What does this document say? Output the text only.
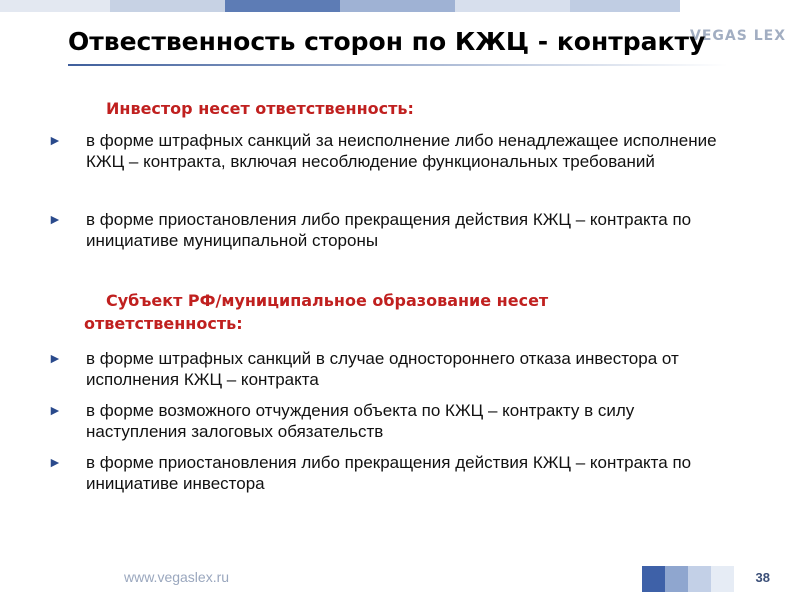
VEGAS LEX
Отвественность сторон по КЖЦ - контракту
Инвестор несет ответственность:
►	в форме штрафных санкций за неисполнение либо ненадлежащее исполнение КЖЦ – контракта, включая несоблюдение функциональных требований
►	в форме приостановления либо прекращения действия КЖЦ – контракта по инициативе муниципальной стороны
Субъект РФ/муниципальное образование несет
ответственность:
►	в форме штрафных санкций в случае одностороннего отказа инвестора от исполнения КЖЦ – контракта
►	в форме возможного отчуждения объекта по КЖЦ – контракту в силу наступления залоговых обязательств
►	в форме приостановления либо прекращения действия КЖЦ – контракта по инициативе инвестора
www.vegaslex.ru	38
